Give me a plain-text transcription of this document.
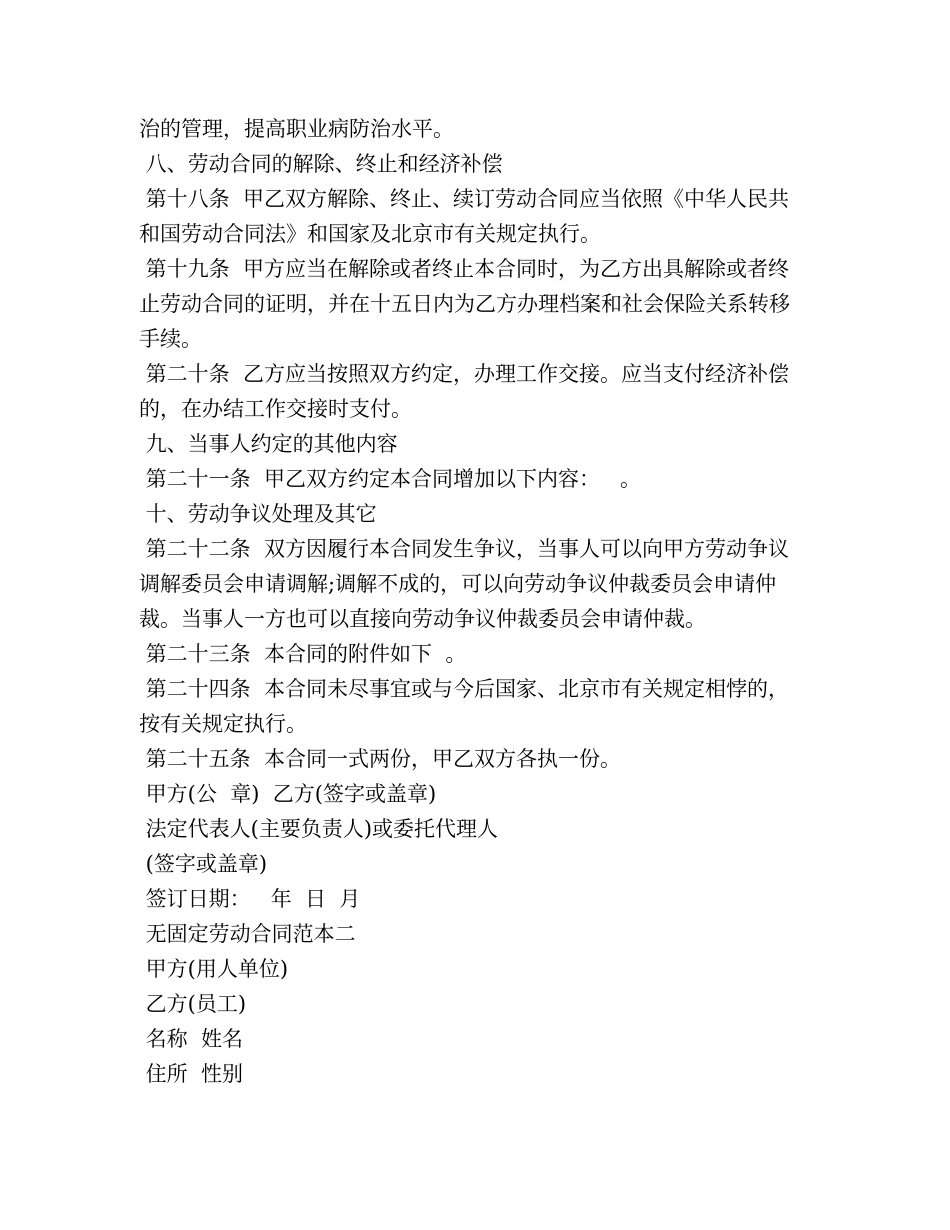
治的管理，提高职业病防治水平。
八、劳动合同的解除、终止和经济补偿
第十八条  甲乙双方解除、终止、续订劳动合同应当依照《中华人民共
和国劳动合同法》和国家及北京市有关规定执行。
第十九条  甲方应当在解除或者终止本合同时，为乙方出具解除或者终
止劳动合同的证明，并在十五日内为乙方办理档案和社会保险关系转移
手续。
第二十条  乙方应当按照双方约定，办理工作交接。应当支付经济补偿
的，在办结工作交接时支付。
九、当事人约定的其他内容
第二十一条  甲乙双方约定本合同增加以下内容：   。
十、劳动争议处理及其它
第二十二条  双方因履行本合同发生争议，当事人可以向甲方劳动争议
调解委员会申请调解;调解不成的，可以向劳动争议仲裁委员会申请仲
裁。当事人一方也可以直接向劳动争议仲裁委员会申请仲裁。
第二十三条  本合同的附件如下  。
第二十四条  本合同未尽事宜或与今后国家、北京市有关规定相悖的，
按有关规定执行。
第二十五条  本合同一式两份，甲乙双方各执一份。
甲方(公  章)  乙方(签字或盖章)
法定代表人(主要负责人)或委托代理人
(签字或盖章)
签订日期：   年  日  月
无固定劳动合同范本二
甲方(用人单位)
乙方(员工)
名称  姓名
住所  性别
